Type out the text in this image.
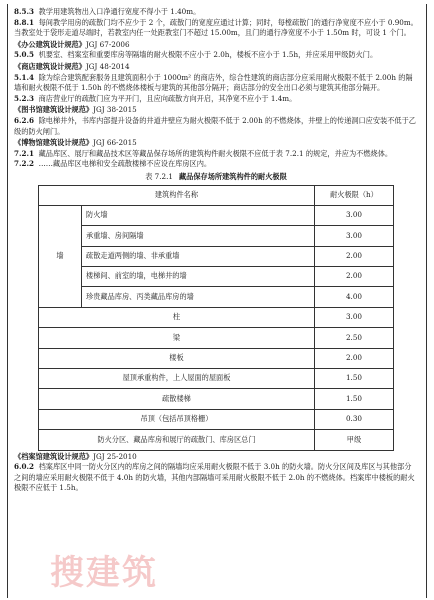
8.5.3 教学用建筑物出入口净通行宽度不得小于 1.40m。
8.8.1 每间教学用房的疏散门均不应少于 2 个，疏散门的宽度应通过计算；同时，每樘疏散门的通行净宽度不应小于 0.90m。当教室处于袋形走道尽端时，若教室内任一处距教室门不超过 15.00m，且门的通行净宽度不小于 1.50m 时，可设 1 个门。
《办公建筑设计规范》JGJ 67-2006
5.0.5 机要室、档案室和重要库房等隔墙的耐火极限不应小于 2.0h，楼板不应小于 1.5h，并应采用甲级防火门。
《商店建筑设计规范》JGJ 48-2014
5.1.4 除为综合建筑配套服务且建筑面积小于 1000m² 的商店外，综合性建筑的商店部分应采用耐火极限不低于 2.00h 的隔墙和耐火极限不低于 1.50h 的不燃烧体楼板与建筑的其他部分隔开；商店部分的安全出口必须与建筑其他部分隔开。
5.2.3 商店营业厅的疏散门应为平开门，且应向疏散方向开启，其净宽不应小于 1.4m。
《图书馆建筑设计规范》JGJ 38-2015
6.2.6 除电梯井外，书库内部提升设备的井道井壁应为耐火极限不低于 2.00h 的不燃烧体，井壁上的传递洞口应安装不低于乙级的防火闸门。
《博物馆建筑设计规范》JGJ 66-2015
7.2.1 藏品库区、展厅和藏品技术区等藏品保存场所的建筑构件耐火极限不应低于表 7.2.1 的规定，并应为不燃烧体。
7.2.2 ……藏品库区电梯和安全疏散楼梯不应设在库房区内。
表 7.2.1 藏品保存场所建筑构件的耐火极限
建筑构件名称		耐火极限（h）
墙	防火墙	3.00
	承重墙、房间隔墙	3.00
	疏散走道两侧的墙、非承重墙	2.00
	楼梯间、前室的墙，电梯井的墙	2.00
	珍贵藏品库房、丙类藏品库房的墙	4.00
柱		3.00
梁		2.50
楼板		2.00
屋顶承重构件，上人屋面的屋面板		1.50
疏散楼梯		1.50
吊顶（包括吊顶格栅）		0.30
防火分区、藏品库房和展厅的疏散门、库房区总门		甲级
《档案馆建筑设计规范》JGJ 25-2010
6.0.2 档案库区中同一防火分区内的库房之间的隔墙均应采用耐火极限不低于 3.0h 的防火墙。防火分区间及库区与其他部分之间的墙应采用耐火极限不低于 4.0h 的防火墙，其他内部隔墙可采用耐火极限不低于 2.0h 的不燃烧体。档案库中楼板的耐火极限不应低于 1.5h。
搜建筑
